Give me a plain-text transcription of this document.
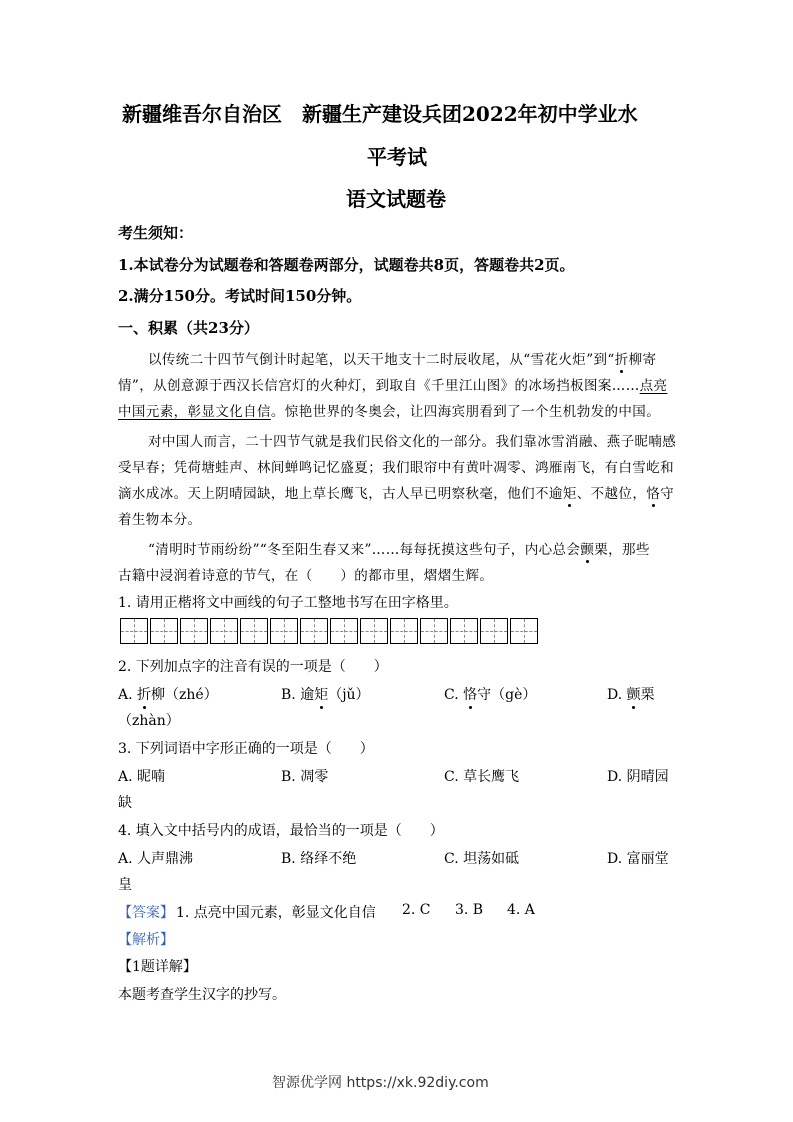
新疆维吾尔自治区　新疆生产建设兵团2022年初中学业水
平考试
语文试题卷
考生须知：
1.本试卷分为试题卷和答题卷两部分，试题卷共8页，答题卷共2页。
2.满分150分。考试时间150分钟。
一、积累（共23分）
以传统二十四节气倒计时起笔，以天干地支十二时辰收尾，从“雪花火炬”到“折柳寄
情”，从创意源于西汉长信宫灯的火种灯，到取自《千里江山图》的冰场挡板图案……点亮
中国元素，彰显文化自信。惊艳世界的冬奥会，让四海宾朋看到了一个生机勃发的中国。
对中国人而言，二十四节气就是我们民俗文化的一部分。我们靠冰雪消融、燕子昵喃感
受早春；凭荷塘蛙声、林间蝉鸣记忆盛夏；我们眼帘中有黄叶凋零、鸿雁南飞，有白雪屹和
滴水成冰。天上阴晴园缺，地上草长鹰飞，古人早已明察秋毫，他们不逾矩、不越位，恪守
着生物本分。
“清明时节雨纷纷”“冬至阳生春又来”……每每抚摸这些句子，内心总会颤栗，那些
古籍中浸润着诗意的节气，在（　　）的都市里，熠熠生辉。
1. 请用正楷将文中画线的句子工整地书写在田字格里。
2. 下列加点字的注音有误的一项是（　　）
A. 折柳（zhé）	B. 逾矩（jǔ）	C. 恪守（gè）	D. 颤栗
（zhàn）
3. 下列词语中字形正确的一项是（　　）
A. 昵喃	B. 凋零	C. 草长鹰飞	D. 阴晴园
缺
4. 填入文中括号内的成语，最恰当的一项是（　　）
A. 人声鼎沸	B. 络绎不绝	C. 坦荡如砥	D. 富丽堂
皇
【答案】 1. 点亮中国元素，彰显文化自信 2. C 3. B 4. A
【解析】
【1题详解】
本题考查学生汉字的抄写。
智源优学网 https://xk.92diy.com
